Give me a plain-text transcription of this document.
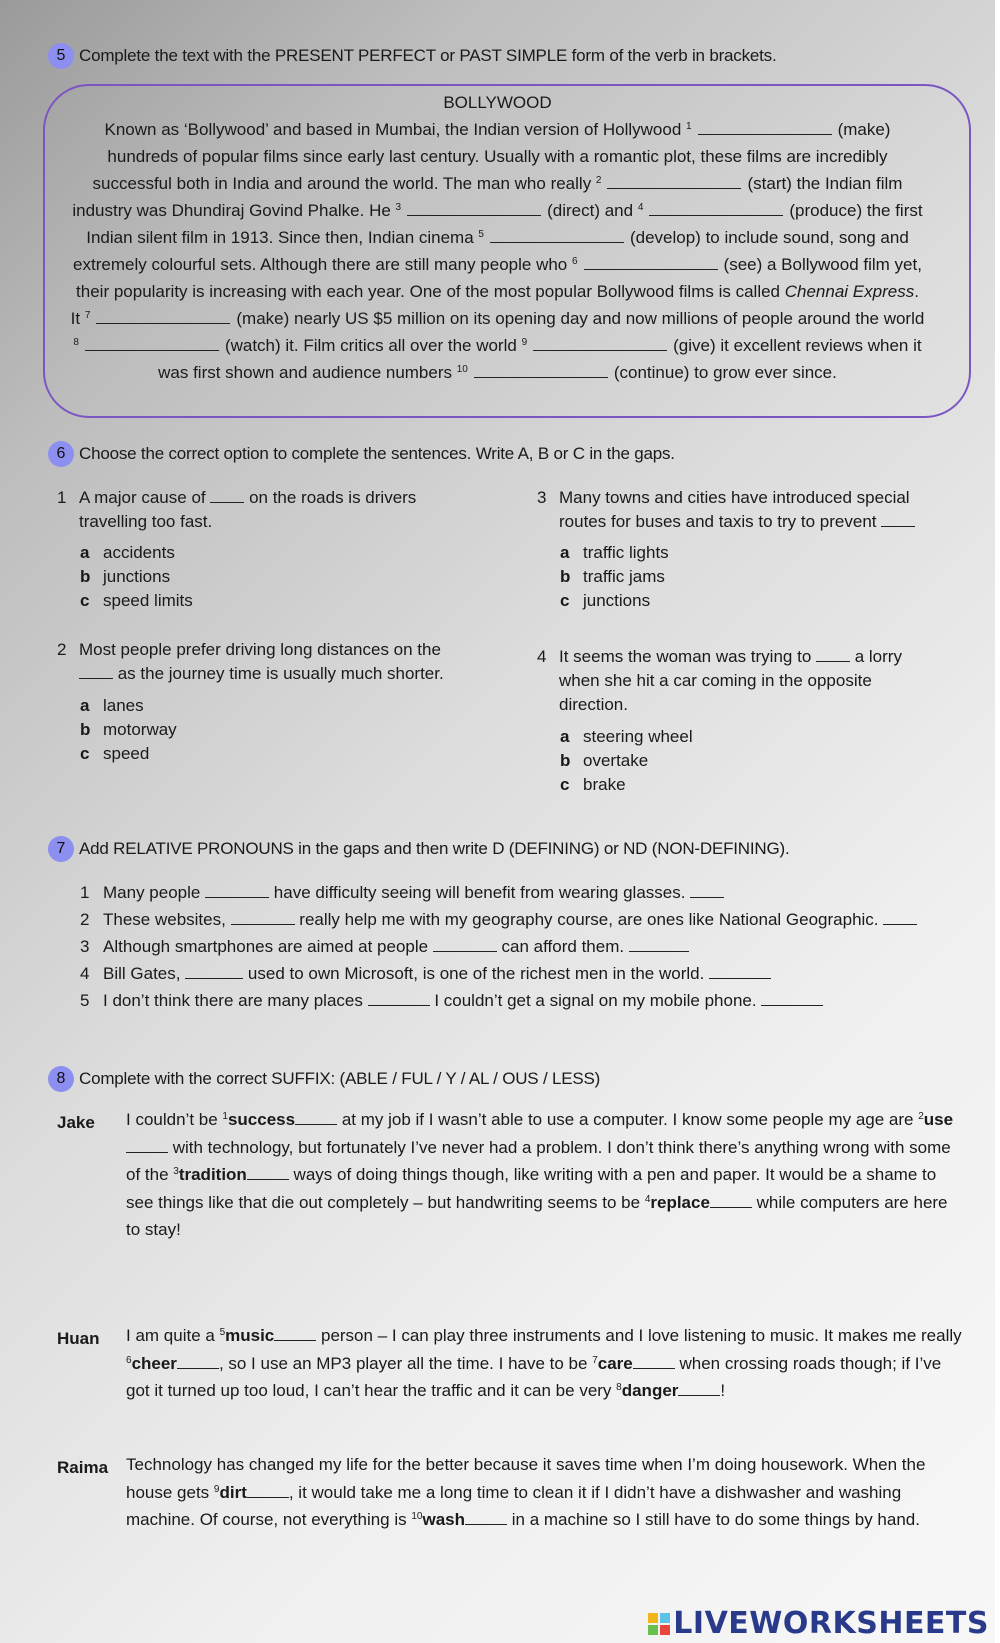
5 Complete the text with the PRESENT PERFECT or PAST SIMPLE form of the verb in brackets.
BOLLYWOOD
Known as ‘Bollywood’ and based in Mumbai, the Indian version of Hollywood $^1$	(make)
hundreds of popular films since early last century. Usually with a romantic plot, these films are incredibly
successful both in India and around the world. The man who really $^2$	(start) the Indian film
industry was Dhundiraj Govind Phalke. He $^3$	(direct) and $^4$	(produce) the first
Indian silent film in 1913. Since then, Indian cinema $^5$	(develop) to include sound, song and
extremely colourful sets. Although there are still many people who $^6$	(see) a Bollywood film yet,
their popularity is increasing with each year. One of the most popular Bollywood films is called Chennai Express.
It $^7$	(make) nearly US $5 million on its opening day and now millions of people around the world
$^8$	(watch) it. Film critics all over the world $^9$	(give) it excellent reviews when it
was first shown and audience numbers $^{10}$	(continue) to grow ever since.
6 Choose the correct option to complete the sentences. Write A, B or C in the gaps.
1 A major cause of  on the roads is drivers
travelling too fast.
a accidents
b junctions
c speed limits
2 Most people prefer driving long distances on the
as the journey time is usually much shorter.
a lanes
b motorway
c speed
3 Many towns and cities have introduced special
routes for buses and taxis to try to prevent
a traffic lights
b traffic jams
c junctions
4 It seems the woman was trying to  a lorry
when she hit a car coming in the opposite
direction.
a steering wheel
b overtake
c brake
7 Add RELATIVE PRONOUNS in the gaps and then write D (DEFINING) or ND (NON-DEFINING).
1 Many people	have difficulty seeing will benefit from wearing glasses.
2 These websites,	really help me with my geography course, are ones like National Geographic.
3 Although smartphones are aimed at people	can afford them.
4 Bill Gates,	used to own Microsoft, is one of the richest men in the world.
5 I don’t think there are many places	I couldn’t get a signal on my mobile phone.
8 Complete with the correct SUFFIX: (ABLE / FUL / Y / AL / OUS / LESS)
Jake I couldn’t be $^1$success at my job if I wasn’t able to use a computer. I know some people my age are $^2$use with technology, but fortunately I’ve never had a problem. I don’t think there’s anything wrong with some of the $^3$tradition ways of doing things though, like writing with a pen and paper. It would be a shame to see things like that die out completely – but handwriting seems to be $^4$replace while computers are here to stay!
Huan I am quite a $^5$music person – I can play three instruments and I love listening to music. It makes me really $^6$cheer , so I use an MP3 player all the time. I have to be $^7$care when crossing roads though; if I’ve got it turned up too loud, I can’t hear the traffic and it can be very $^8$danger !
Raima Technology has changed my life for the better because it saves time when I’m doing housework. When the house gets $^9$dirt , it would take me a long time to clean it if I didn’t have a dishwasher and washing machine. Of course, not everything is $^{10}$wash in a machine so I still have to do some things by hand.
LIVEWORKSHEETS
